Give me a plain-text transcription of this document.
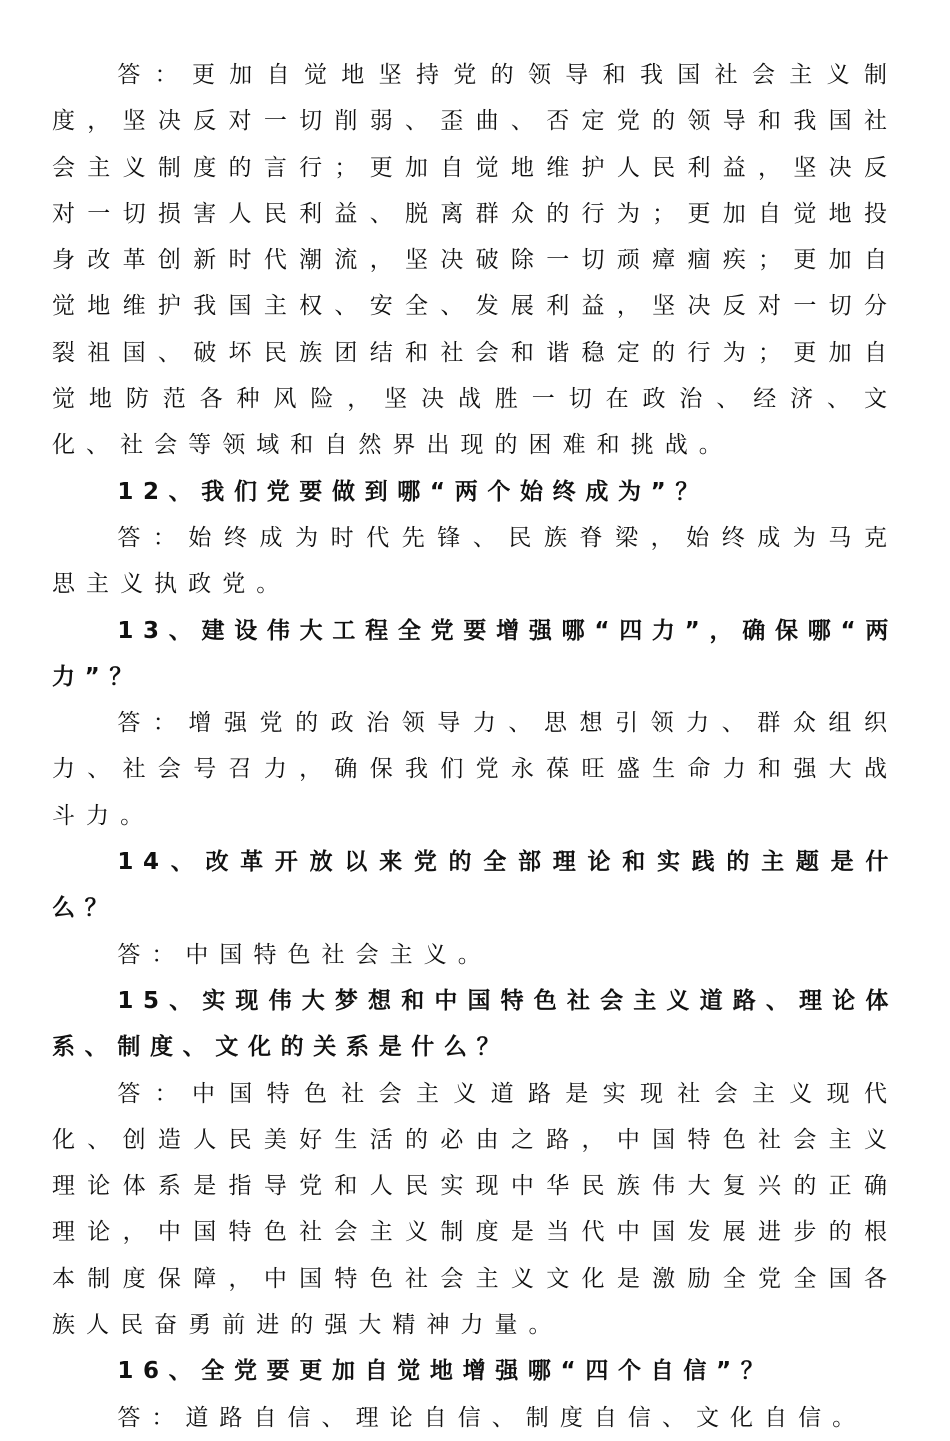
答：更加自觉地坚持党的领导和我国社会主义制度，坚决反对一切削弱、歪曲、否定党的领导和我国社会主义制度的言行；更加自觉地维护人民利益，坚决反对一切损害人民利益、脱离群众的行为；更加自觉地投身改革创新时代潮流，坚决破除一切顽瘴痼疾；更加自觉地维护我国主权、安全、发展利益，坚决反对一切分裂祖国、破坏民族团结和社会和谐稳定的行为；更加自觉地防范各种风险，坚决战胜一切在政治、经济、文化、社会等领域和自然界出现的困难和挑战。

12、我们党要做到哪“两个始终成为”？

答：始终成为时代先锋、民族脊梁，始终成为马克思主义执政党。

13、建设伟大工程全党要增强哪“四力”，确保哪“两力”？

答：增强党的政治领导力、思想引领力、群众组织力、社会号召力，确保我们党永葆旺盛生命力和强大战斗力。

14、改革开放以来党的全部理论和实践的主题是什么？

答：中国特色社会主义。

15、实现伟大梦想和中国特色社会主义道路、理论体系、制度、文化的关系是什么？

答：中国特色社会主义道路是实现社会主义现代化、创造人民美好生活的必由之路，中国特色社会主义理论体系是指导党和人民实现中华民族伟大复兴的正确理论，中国特色社会主义制度是当代中国发展进步的根本制度保障，中国特色社会主义文化是激励全党全国各族人民奋勇前进的强大精神力量。

16、全党要更加自觉地增强哪“四个自信”？

答：道路自信、理论自信、制度自信、文化自信。
